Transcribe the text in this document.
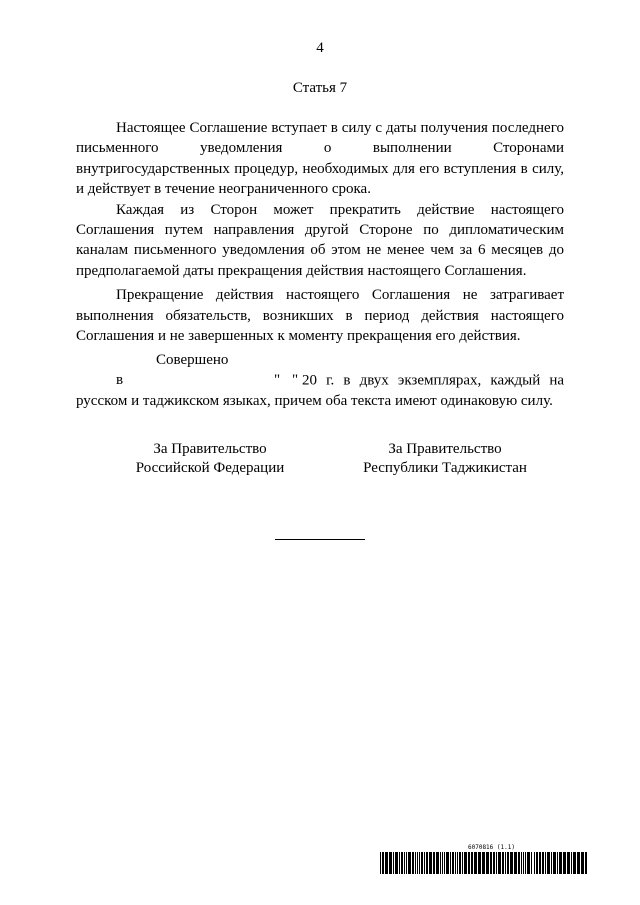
4
Статья 7

Настоящее Соглашение вступает в силу с даты получения последнего письменного уведомления о выполнении Сторонами внутригосударственных процедур, необходимых для его вступления в силу, и действует в течение неограниченного срока.

Каждая из Сторон может прекратить действие настоящего Соглашения путем направления другой Стороне по дипломатическим каналам письменного уведомления об этом не менее чем за 6 месяцев до предполагаемой даты прекращения действия настоящего Соглашения.

Прекращение действия настоящего Соглашения не затрагивает выполнения обязательств, возникших в период действия настоящего Соглашения и не завершенных к моменту прекращения его действия.

Совершено в	" " 20 г. в двух экземплярах, каждый на русском и таджикском языках, причем оба текста имеют одинаковую силу.

За Правительство
Российской Федерации
За Правительство
Республики Таджикистан
6070816 (1.1)
